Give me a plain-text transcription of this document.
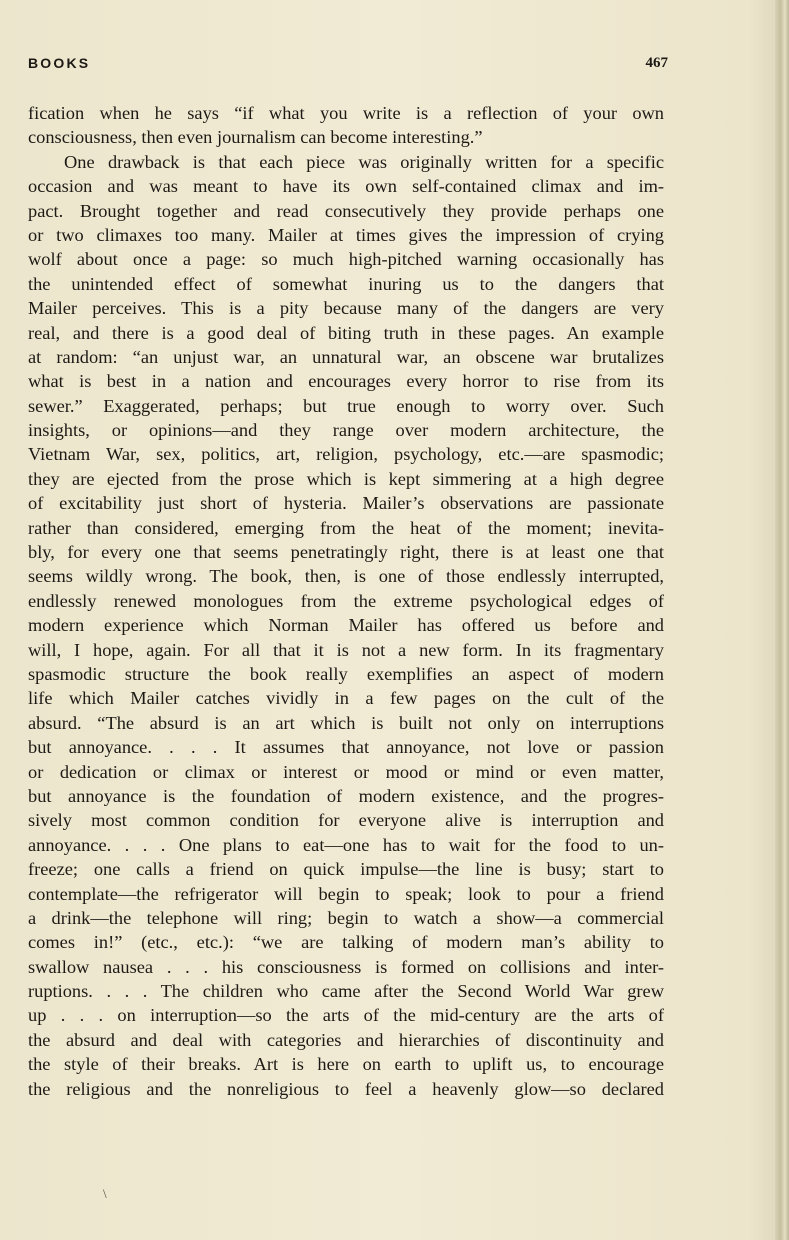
BOOKS	467
fication when he says “if what you write is a reflection of your own
consciousness, then even journalism can become interesting.”
One drawback is that each piece was originally written for a specific
occasion and was meant to have its own self-contained climax and im-
pact. Brought together and read consecutively they provide perhaps one
or two climaxes too many. Mailer at times gives the impression of crying
wolf about once a page: so much high-pitched warning occasionally has
the unintended effect of somewhat inuring us to the dangers that
Mailer perceives. This is a pity because many of the dangers are very
real, and there is a good deal of biting truth in these pages. An example
at random: “an unjust war, an unnatural war, an obscene war brutalizes
what is best in a nation and encourages every horror to rise from its
sewer.” Exaggerated, perhaps; but true enough to worry over. Such
insights, or opinions—and they range over modern architecture, the
Vietnam War, sex, politics, art, religion, psychology, etc.—are spasmodic;
they are ejected from the prose which is kept simmering at a high degree
of excitability just short of hysteria. Mailer’s observations are passionate
rather than considered, emerging from the heat of the moment; inevita-
bly, for every one that seems penetratingly right, there is at least one that
seems wildly wrong. The book, then, is one of those endlessly interrupted,
endlessly renewed monologues from the extreme psychological edges of
modern experience which Norman Mailer has offered us before and
will, I hope, again. For all that it is not a new form. In its fragmentary
spasmodic structure the book really exemplifies an aspect of modern
life which Mailer catches vividly in a few pages on the cult of the
absurd. “The absurd is an art which is built not only on interruptions
but annoyance. . . . It assumes that annoyance, not love or passion
or dedication or climax or interest or mood or mind or even matter,
but annoyance is the foundation of modern existence, and the progres-
sively most common condition for everyone alive is interruption and
annoyance. . . . One plans to eat—one has to wait for the food to un-
freeze; one calls a friend on quick impulse—the line is busy; start to
contemplate—the refrigerator will begin to speak; look to pour a friend
a drink—the telephone will ring; begin to watch a show—a commercial
comes in!” (etc., etc.): “we are talking of modern man’s ability to
swallow nausea . . . his consciousness is formed on collisions and inter-
ruptions. . . . The children who came after the Second World War grew
up . . . on interruption—so the arts of the mid-century are the arts of
the absurd and deal with categories and hierarchies of discontinuity and
the style of their breaks. Art is here on earth to uplift us, to encourage
the religious and the nonreligious to feel a heavenly glow—so declared
\
